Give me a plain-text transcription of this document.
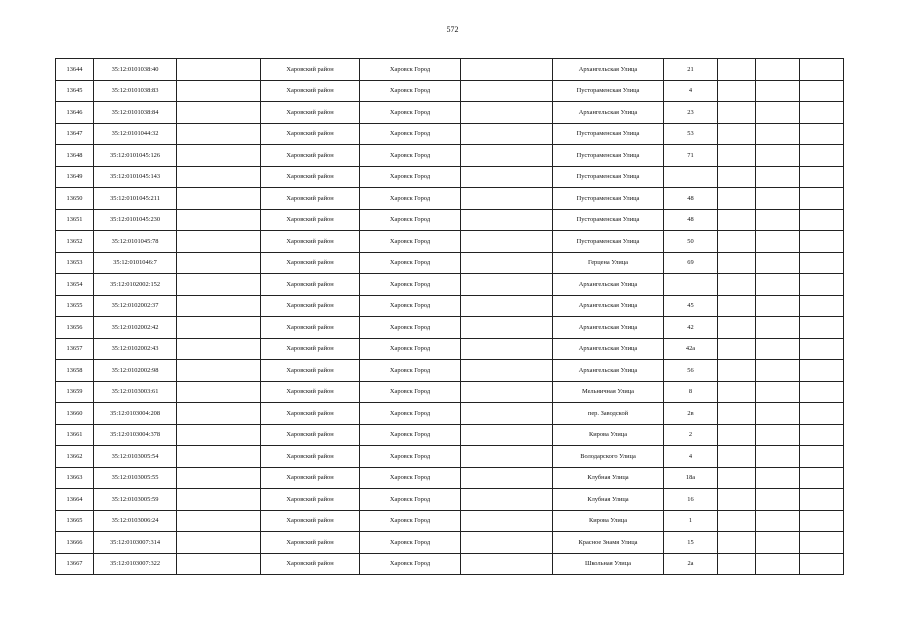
572
13644	35:12:0101038:40		Харовский район	Харовск Город		Архангельская Улица	21			
13645	35:12:0101038:83		Харовский район	Харовск Город		Пустораменская Улица	4			
13646	35:12:0101038:84		Харовский район	Харовск Город		Архангельская Улица	23			
13647	35:12:0101044:32		Харовский район	Харовск Город		Пустораменская Улица	53			
13648	35:12:0101045:126		Харовский район	Харовск Город		Пустораменская Улица	71			
13649	35:12:0101045:143		Харовский район	Харовск Город		Пустораменская Улица				
13650	35:12:0101045:211		Харовский район	Харовск Город		Пустораменская Улица	48			
13651	35:12:0101045:230		Харовский район	Харовск Город		Пустораменская Улица	48			
13652	35:12:0101045:78		Харовский район	Харовск Город		Пустораменская Улица	50			
13653	35:12:0101046:7		Харовский район	Харовск Город		Герцена Улица	69			
13654	35:12:0102002:152		Харовский район	Харовск Город		Архангельская Улица				
13655	35:12:0102002:37		Харовский район	Харовск Город		Архангельская Улица	45			
13656	35:12:0102002:42		Харовский район	Харовск Город		Архангельская Улица	42			
13657	35:12:0102002:43		Харовский район	Харовск Город		Архангельская Улица	42а			
13658	35:12:0102002:98		Харовский район	Харовск Город		Архангельская Улица	56			
13659	35:12:0103003:61		Харовский район	Харовск Город		Мельничная Улица	8			
13660	35:12:0103004:208		Харовский район	Харовск Город		пер. Заводской	2в			
13661	35:12:0103004:378		Харовский район	Харовск Город		Кирова Улица	2			
13662	35:12:0103005:54		Харовский район	Харовск Город		Володарского Улица	4			
13663	35:12:0103005:55		Харовский район	Харовск Город		Клубная Улица	18а			
13664	35:12:0103005:59		Харовский район	Харовск Город		Клубная Улица	16			
13665	35:12:0103006:24		Харовский район	Харовск Город		Кирова Улица	1			
13666	35:12:0103007:314		Харовский район	Харовск Город		Красное Знамя Улица	15			
13667	35:12:0103007:322		Харовский район	Харовск Город		Школьная Улица	2а			
